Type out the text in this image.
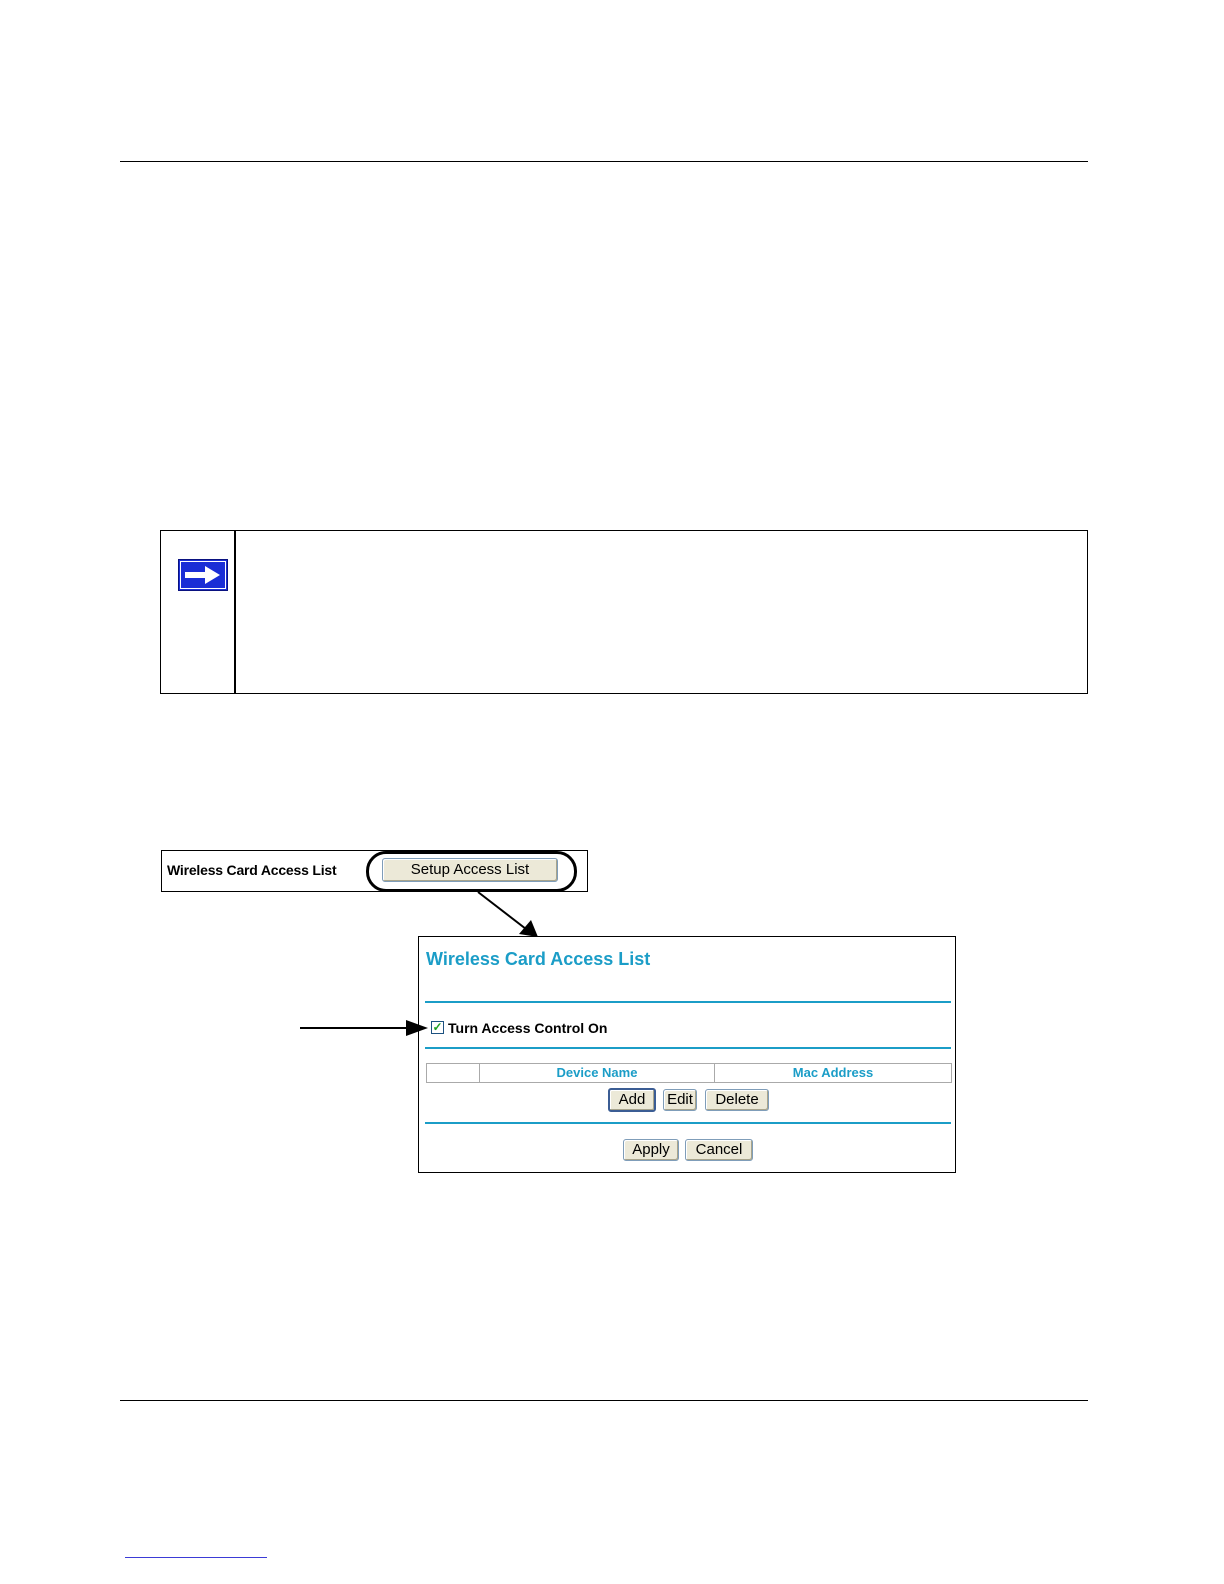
Wireless Card Access List	Setup Access List
Wireless Card Access List
✓ Turn Access Control On
Device Name	Mac Address
Add	Edit	Delete
Apply	Cancel
